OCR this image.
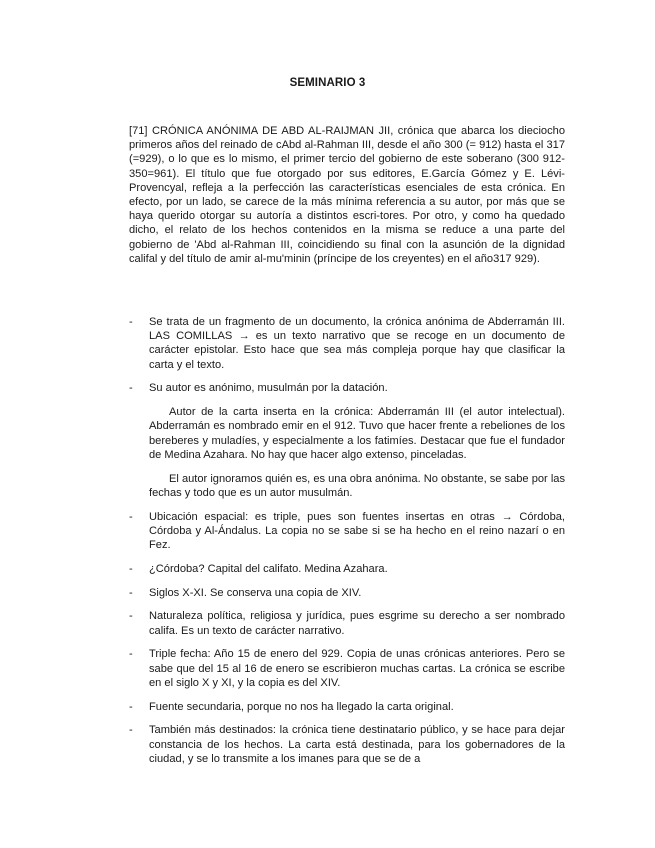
SEMINARIO 3
[71] CRÓNICA ANÓNIMA DE ABD AL-RAIJMAN JII, crónica que abarca los dieciocho primeros años del reinado de cAbd al-Rahman III, desde el año 300 (= 912) hasta el 317 (=929), o lo que es lo mismo, el primer tercio del gobierno de este soberano (300 912-350=961). El título que fue otorgado por sus editores, E.García Gómez y E. Lévi-Provencyal, refleja a la perfección las características esenciales de esta crónica. En efecto, por un lado, se carece de la más mínima referencia a su autor, por más que se haya querido otorgar su autoría a distintos escri-tores. Por otro, y como ha quedado dicho, el relato de los hechos contenidos en la misma se reduce a una parte del gobierno de 'Abd al-Rahman III, coincidiendo su final con la asunción de la dignidad califal y del título de amir al-mu'minin (príncipe de los creyentes) en el año317 929).
- Se trata de un fragmento de un documento, la crónica anónima de Abderramán III. LAS COMILLAS → es un texto narrativo que se recoge en un documento de carácter epistolar. Esto hace que sea más compleja porque hay que clasificar la carta y el texto.
- Su autor es anónimo, musulmán por la datación.
Autor de la carta inserta en la crónica: Abderramán III (el autor intelectual). Abderramán es nombrado emir en el 912. Tuvo que hacer frente a rebeliones de los bereberes y muladíes, y especialmente a los fatimíes. Destacar que fue el fundador de Medina Azahara. No hay que hacer algo extenso, pinceladas.
El autor ignoramos quién es, es una obra anónima. No obstante, se sabe por las fechas y todo que es un autor musulmán.
- Ubicación espacial: es triple, pues son fuentes insertas en otras → Córdoba, Córdoba y Al-Ándalus. La copia no se sabe si se ha hecho en el reino nazarí o en Fez.
- ¿Córdoba? Capital del califato. Medina Azahara.
- Siglos X-XI. Se conserva una copia de XIV.
- Naturaleza política, religiosa y jurídica, pues esgrime su derecho a ser nombrado califa. Es un texto de carácter narrativo.
- Triple fecha: Año 15 de enero del 929. Copia de unas crónicas anteriores. Pero se sabe que del 15 al 16 de enero se escribieron muchas cartas. La crónica se escribe en el siglo X y XI, y la copia es del XIV.
- Fuente secundaria, porque no nos ha llegado la carta original.
- También más destinados: la crónica tiene destinatario público, y se hace para dejar constancia de los hechos. La carta está destinada, para los gobernadores de la ciudad, y se lo transmite a los imanes para que se de a
